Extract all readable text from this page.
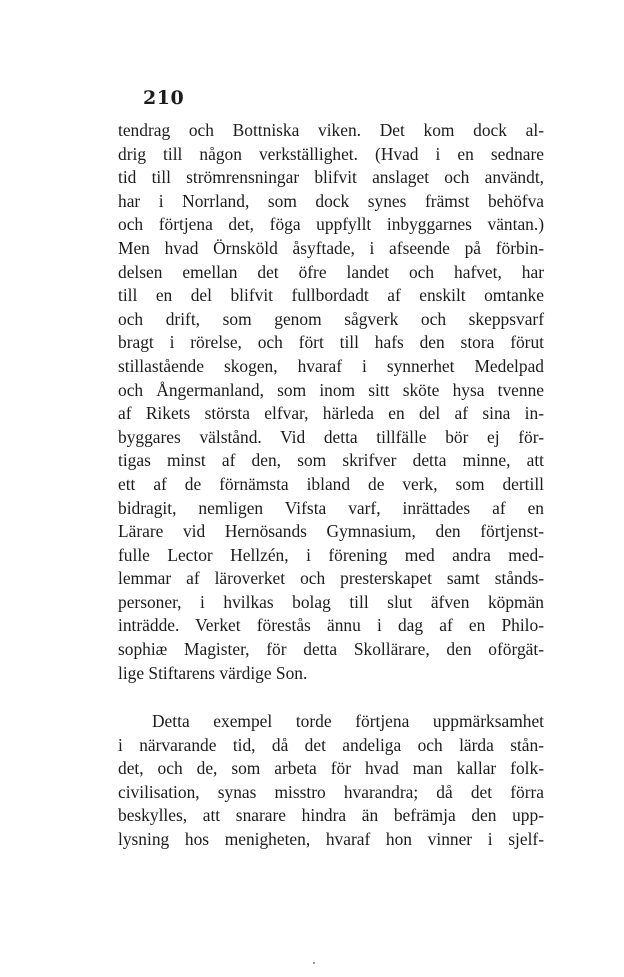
210
tendrag och Bottniska viken. Det kom dock al-
drig till någon verkställighet. (Hvad i en sednare
tid till strömrensningar blifvit anslaget och användt,
har i Norrland, som dock synes främst behöfva
och förtjena det, föga uppfyllt inbyggarnes väntan.)
Men hvad Örnsköld åsyftade, i afseende på förbin-
delsen emellan det öfre landet och hafvet, har
till en del blifvit fullbordadt af enskilt omtanke
och drift, som genom sågverk och skeppsvarf
bragt i rörelse, och fört till hafs den stora förut
stillastående skogen, hvaraf i synnerhet Medelpad
och Ångermanland, som inom sitt sköte hysa tvenne
af Rikets största elfvar, härleda en del af sina in-
byggares välstånd. Vid detta tillfälle bör ej för-
tigas minst af den, som skrifver detta minne, att
ett af de förnämsta ibland de verk, som dertill
bidragit, nemligen Vifsta varf, inrättades af en
Lärare vid Hernösands Gymnasium, den förtjenst-
fulle Lector Hellzén, i förening med andra med-
lemmar af läroverket och presterskapet samt stånds-
personer, i hvilkas bolag till slut äfven köpmän
inträdde. Verket förestås ännu i dag af en Philo-
sophiæ Magister, för detta Skollärare, den oförgät-
lige Stiftarens värdige Son.
Detta exempel torde förtjena uppmärksamhet
i närvarande tid, då det andeliga och lärda stån-
det, och de, som arbeta för hvad man kallar folk-
civilisation, synas misstro hvarandra; då det förra
beskylles, att snarare hindra än befrämja den upp-
lysning hos menigheten, hvaraf hon vinner i sjelf-
